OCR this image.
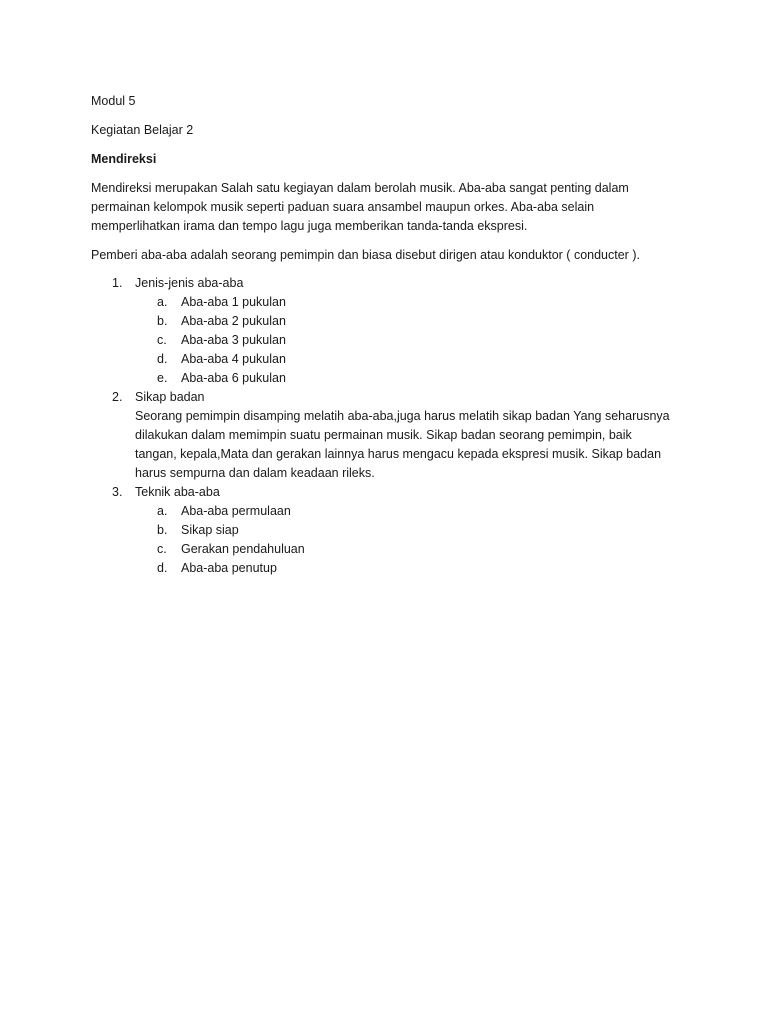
Modul 5

Kegiatan Belajar 2

Mendireksi

Mendireksi merupakan Salah satu kegiayan dalam berolah musik. Aba-aba sangat penting dalam

permainan kelompok musik seperti paduan suara ansambel maupun orkes. Aba-aba selain

memperlihatkan irama dan tempo lagu juga memberikan tanda-tanda ekspresi.

Pemberi aba-aba adalah seorang pemimpin dan biasa disebut dirigen atau konduktor ( conducter ).

1. Jenis-jenis aba-aba
a. Aba-aba 1 pukulan
b. Aba-aba 2 pukulan
c. Aba-aba 3 pukulan
d. Aba-aba 4 pukulan
e. Aba-aba 6 pukulan
2. Sikap badan

Seorang pemimpin disamping melatih aba-aba,juga harus melatih sikap badan Yang seharusnya

dilakukan dalam memimpin suatu permainan musik. Sikap badan seorang pemimpin, baik

tangan, kepala,Mata dan gerakan lainnya harus mengacu kepada ekspresi musik. Sikap badan

harus sempurna dan dalam keadaan rileks.

3. Teknik aba-aba
a. Aba-aba permulaan
b. Sikap siap
c. Gerakan pendahuluan
d. Aba-aba penutup
